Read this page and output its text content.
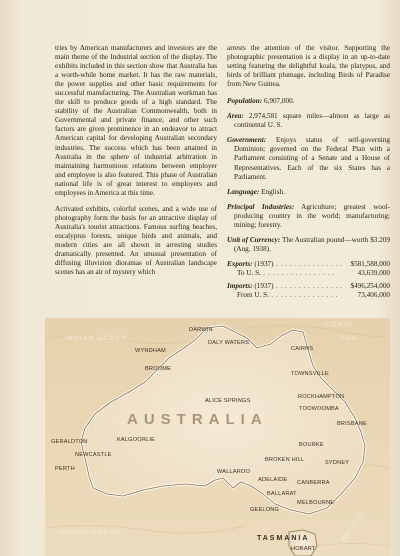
tries by American manufacturers and investors are the main theme of the Industrial section of the display. The exhibits included in this section show that Australia has a worth-while home market. It has the raw materials, the power supplies and other basic requirements for successful manufacturing. The Australian workman has the skill to produce goods of a high standard. The stability of the Australian Commonwealth, both in Governmental and private finance, and other such factors are given prominence in an endeavor to attract American capital for developing Australian secondary industries. The success which has been attained in Australia in the sphere of industrial arbitration in maintaining harmonious relations between employer and employee is also featured. This phase of Australian national life is of great interest to employers and employees in America at this time.

Activated exhibits, colorful scenes, and a wide use of photography form the basis for an attractive display of Australia's tourist attractions. Famous surfing beaches, eucalyptus forests, unique birds and animals, and modern cities are all shown in arresting studies dramatically presented. An unusual presentation of diffusing illuvision dioramas of Australian landscape scenes has an air of mystery which

arrests the attention of the visitor. Supporting the photographic presentation is a display in an up-to-date setting featuring the delightful koala, the platypus, and birds of brilliant plumage, including Birds of Paradise from New Guinea.

Population: 6,907,000.
Area: 2,974,581 square miles—almost as large as continental U. S.
Government: Enjoys status of self-governing Dominion; governed on the Federal Plan with a Parliament consisting of a Senate and a House of Representatives. Each of the six States has a Parliament.
Language: English.
Principal Industries: Agriculture; greatest wool-producing country in the world; manufacturing; mining; forestry.
Unit of Currency: The Australian pound—worth $3.209 (Aug. 1938).
Exports: (1937) . . . . . . . . . . . . . . .	$581,588,000
To U. S. . . . . . . . . . . . . . . . .	43,639,000
Imports: (1937) . . . . . . . . . . . . . . .	$496,254,000
From U. S. . . . . . . . . . . . . . . .	73,406,000
INDIAN OCEAN
CORAL
SEA
INDIAN OCEAN	PACIFIC
AUSTRALIA
DARWIN
WYNDHAM
DALY WATERS
CAIRNS
BROOME
TOWNSVILLE
ALICE SPRINGS
ROCKHAMPTON
TOOWOOMBA
BRISBANE
GERALDTON	KALGOORLIE
BOURKE
NEWCASTLE
PERTH
BROKEN HILL	SYDNEY
WALLAROO
ADELAIDE CANBERRA
BALLARAT
MELBOURNE
GEELONG
HOBART
TASMANIA
